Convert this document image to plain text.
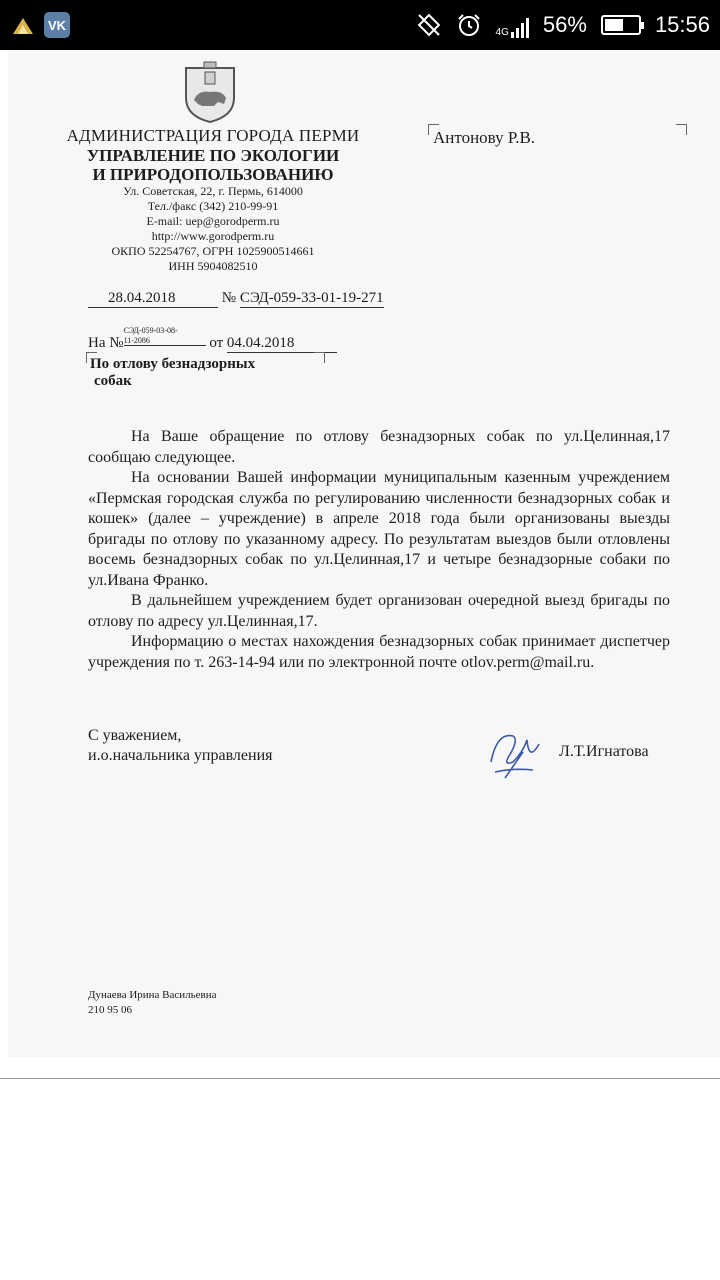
VK	4G 56%	15:56
АДМИНИСТРАЦИЯ ГОРОДА ПЕРМИ
УПРАВЛЕНИЕ ПО ЭКОЛОГИИ
И ПРИРОДОПОЛЬЗОВАНИЮ
Ул. Советская, 22, г. Пермь, 614000
Тел./факс (342) 210-99-91
E-mail: uep@gorodperm.ru
http://www.gorodperm.ru
ОКПО 52254767, ОГРН 1025900514661
ИНН 5904082510
Антонову Р.В.
28.04.2018	№ СЭД-059-33-01-19-271
На №СЭД-059-03-08-
11-2086	от 04.04.2018
По отлову безнадзорных
собак

На Ваше обращение по отлову безнадзорных собак по ул.Целинная,17 сообщаю следующее.

На основании Вашей информации муниципальным казенным учреждением «Пермская городская служба по регулированию численности безнадзорных собак и кошек» (далее – учреждение) в апреле 2018 года были организованы выезды бригады по отлову по указанному адресу. По результатам выездов были отловлены восемь безнадзорных собак по ул.Целинная,17 и четыре безнадзорные собаки по ул.Ивана Франко.

В дальнейшем учреждением будет организован очередной выезд бригады по отлову по адресу ул.Целинная,17.

Информацию о местах нахождения безнадзорных собак принимает диспетчер учреждения по т. 263-14-94 или по электронной почте otlov.perm@mail.ru.

С уважением,
и.о.начальника управления	Л.Т.Игнатова
Дунаева Ирина Васильевна
210 95 06
